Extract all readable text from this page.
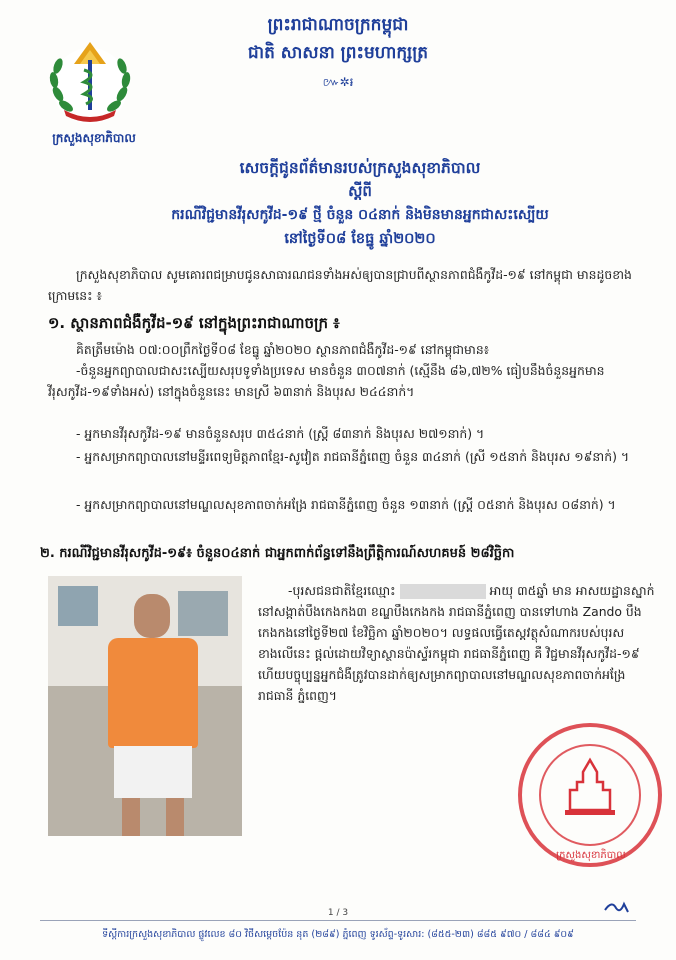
ក្រសួងសុខាភិបាល
ព្រះរាជាណាចក្រកម្ពុជា
ជាតិ សាសនា ព្រះមហាក្សត្រ
៚✲៛
សេចក្តីជូនព័ត៌មានរបស់ក្រសួងសុខាភិបាល
ស្តីពី
ករណីវិជ្ជមានវីរុសកូវីដ-១៩ ថ្មី ចំនួន ០៤នាក់ និងមិនមានអ្នកជាសះស្បើយ
នៅថ្ងៃទី០៨ ខែធ្នូ ឆ្នាំ២០២០
ក្រសួងសុខាភិបាល សូមគោរពជម្រាបជូនសាធារណជនទាំងអស់ឲ្យបានជ្រាបពីស្ថានភាពជំងឺកូវីដ-១៩ នៅកម្ពុជា មានដូចខាងក្រោមនេះ ៖
១. ស្ថានភាពជំងឺកូវីដ-១៩ នៅក្នុងព្រះរាជាណាចក្រ ៖
គិតត្រឹមម៉ោង ០៧:០០ព្រឹកថ្ងៃទី០៨ ខែធ្នូ ឆ្នាំ២០២០ ស្ថានភាពជំងឺកូវីដ-១៩ នៅកម្ពុជាមាន៖
-ចំនួនអ្នកព្យាបាលជាសះស្បើយសរុបទូទាំងប្រទេស មានចំនួន ៣០៧នាក់ (ស្មើនឹង ៨៦,៧២% ធៀបនឹងចំនួនអ្នកមានវីរុសកូវីដ-១៩ទាំងអស់) នៅក្នុងចំនួននេះ មានស្រី ៦៣នាក់ និងបុរស ២៤៤នាក់។
- អ្នកមានវីរុសកូវីដ-១៩ មានចំនួនសរុប ៣៥៤នាក់ (ស្ត្រី ៨៣នាក់ និងបុរស ២៧១នាក់) ។
- អ្នកសម្រាកព្យាបាលនៅមន្ទីរពេទ្យមិត្តភាពខ្មែរ-សូវៀត រាជធានីភ្នំពេញ ចំនួន ៣៤នាក់ (ស្រី ១៥នាក់ និងបុរស ១៩នាក់) ។
- អ្នកសម្រាកព្យាបាលនៅមណ្ឌលសុខភាពចាក់អង្រែ រាជធានីភ្នំពេញ ចំនួន ១៣នាក់ (ស្ត្រី ០៥នាក់ និងបុរស ០៨នាក់) ។
២. ករណីវិជ្ជមានវីរុសកូវីដ-១៩៖ ចំនួន០៤នាក់ ជាអ្នកពាក់ព័ន្ធទៅនឹងព្រឹត្តិការណ៍សហគមន៍ ២៨វិច្ឆិកា
-បុរសជនជាតិខ្មែរឈ្មោះ	អាយុ ៣៥ឆ្នាំ មាន អាសយដ្ឋានស្នាក់នៅសង្កាត់បឹងកេងកង៣ ខណ្ឌបឹងកេងកង រាជធានីភ្នំពេញ បានទៅហាង Zando បឹងកេងកងនៅថ្ងៃទី២៧ ខែវិច្ឆិកា ឆ្នាំ២០២០។ លទ្ធផលធ្វើតេស្តវត្ថុសំណាករបស់បុរសខាងលើនេះ ផ្តល់ដោយវិទ្យាស្ថានប៉ាស្ទ័រកម្ពុជា រាជធានីភ្នំពេញ គឺ វិជ្ជមានវីរុសកូវីដ-១៩ ហើយបច្ចុប្បន្នអ្នកជំងឺត្រូវបានដាក់ឲ្យសម្រាកព្យាបាលនៅមណ្ឌលសុខភាពចាក់អង្រែ រាជធានី ភ្នំពេញ។
ក្រសួងសុខាភិបាល
1 / 3
ទីស្តីការក្រសួងសុខាភិបាល ផ្លូវលេខ ៨០ វិថីសម្តេចប៉ែន នុត (២៨៩) ភ្នំពេញ ទូរស័ព្ទ-ទូរសារ: (៨៥៥-២៣) ៨៨៥ ៩៧០ / ៨៨៤ ៩០៩
